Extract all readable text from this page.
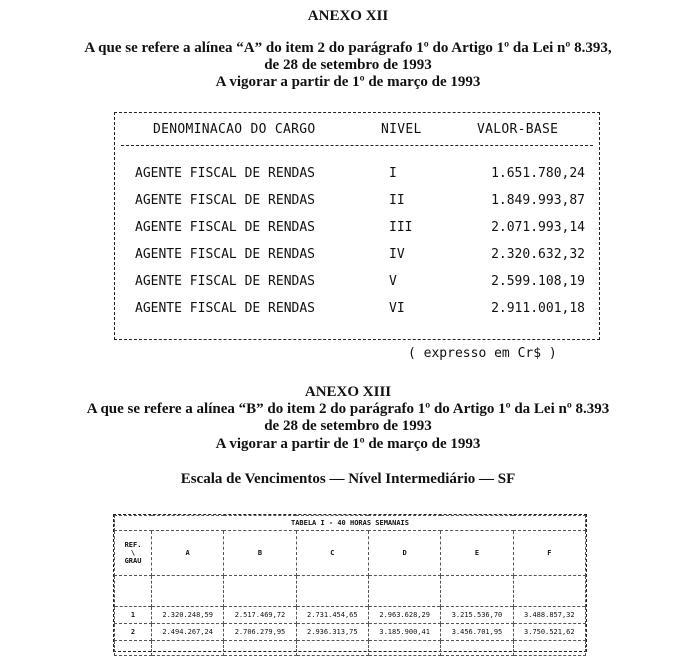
ANEXO XII
A que se refere a alínea “A” do item 2 do parágrafo 1º do Artigo 1º da Lei nº 8.393,
de 28 de setembro de 1993
A vigorar a partir de 1º de março de 1993
DENOMINACAO DO CARGO	NIVEL	VALOR-BASE
AGENTE FISCAL DE RENDAS	I	1.651.780,24
AGENTE FISCAL DE RENDAS	II	1.849.993,87
AGENTE FISCAL DE RENDAS	III	2.071.993,14
AGENTE FISCAL DE RENDAS	IV	2.320.632,32
AGENTE FISCAL DE RENDAS	V	2.599.108,19
AGENTE FISCAL DE RENDAS	VI	2.911.001,18
( expresso em Cr$ )
ANEXO XIII
A que se refere a alínea “B” do item 2 do parágrafo 1º do Artigo 1º da Lei nº 8.393
de 28 de setembro de 1993
A vigorar a partir de 1º de março de 1993
Escala de Vencimentos — Nível Intermediário — SF
TABELA I - 40 HORAS SEMANAIS						

REF.
\
GRAU	A	B	C	D	E	F

1	2.320.248,59	2.517.469,72	2.731.454,65	2.963.628,29	3.215.536,70	3.488.857,32
2	2.494.267,24	2.706.279,95	2.936.313,75	3.185.900,41	3.456.701,95	3.750.521,62
